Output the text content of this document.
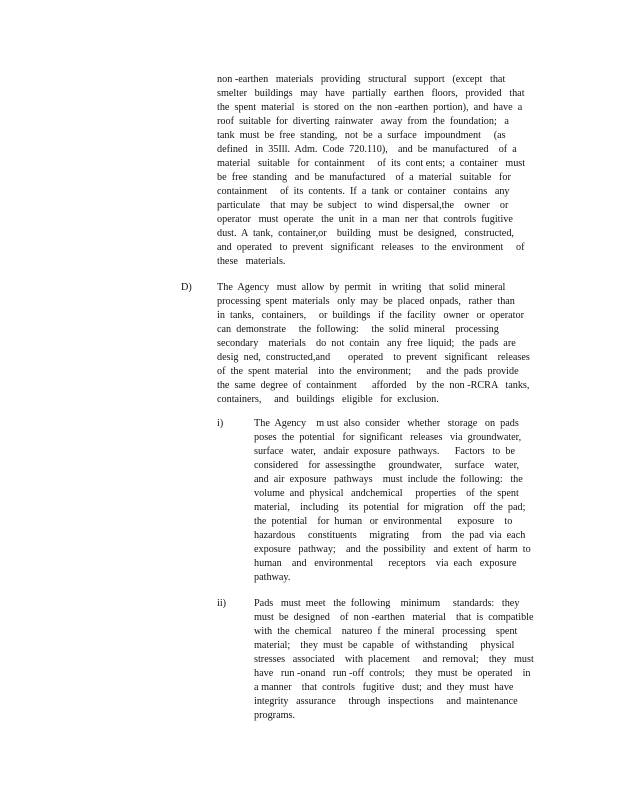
non -earthen   materials   providing   structural   support   (except   that
smelter   buildings   may   have   partially   earthen   floors,   provided   that
the  spent  material   is  stored  on  the  non -earthen  portion),  and  have  a
roof  suitable  for  diverting  rainwater   away  from  the  foundation;   a
tank  must  be  free  standing,   not  be  a  surface   impoundment     (as
defined   in  35Ill.  Adm.  Code  720.110),    and  be  manufactured    of  a
material   suitable   for  containment     of  its  cont ents;  a  container   must
be  free  standing   and  be  manufactured    of  a  material   suitable   for
containment     of  its  contents.  If  a  tank  or  container   contains   any
particulate    that  may  be  subject   to  wind  dispersal,the    owner    or
operator   must  operate   the  unit  in  a  man  ner  that  controls  fugitive
dust.  A  tank,  container,or    building   must  be  designed,   constructed,
and  operated   to  prevent   significant   releases   to  the  environment     of
these   materials.
D) The  Agency   must  allow  by  permit   in  writing   that  solid  mineral
processing  spent  materials   only  may  be  placed  onpads,   rather  than
in  tanks,   containers,     or  buildings   if  the  facility   owner   or  operator
can  demonstrate     the  following:     the  solid  mineral    processing
secondary    materials    do  not  contain   any  free  liquid;   the  pads  are
desig  ned,  constructed,and       operated    to  prevent   significant    releases
of  the  spent  material    into  the  environment;      and  the  pads  provide
the  same  degree  of  containment      afforded    by  the  non -RCRA   tanks,
containers,     and   buildings   eligible   for  exclusion.
i)	The  Agency    m ust  also  consider   whether   storage   on  pads
poses  the  potential   for  significant   releases   via  groundwater,
surface   water,   andair  exposure   pathways.      Factors   to  be
considered    for  assessingthe     groundwater,     surface    water,
and  air  exposure   pathways    must  include  the  following:   the
volume  and  physical   andchemical     properties    of  the  spent
material,    including    its  potential   for  migration    off  the  pad;
the  potential    for  human   or  environmental      exposure    to
hazardous     constituents     migrating     from    the  pad  via  each
exposure   pathway;    and  the  possibility   and  extent  of  harm  to
human    and   environmental      receptors    via  each   exposure
pathway.
ii)	Pads   must  meet   the  following    minimum     standards:   they
must  be  designed    of  non -earthen   material    that  is  compatible
with  the  chemical    natureo  f  the  mineral   processing    spent
material;    they  must  be  capable   of  withstanding     physical
stresses   associated    with  placement     and  removal;    they   must
have   run -onand   run -off  controls;    they  must  be  operated    in
a manner    that  controls   fugitive   dust;  and  they  must  have
integrity   assurance     through   inspections     and  maintenance
programs.
